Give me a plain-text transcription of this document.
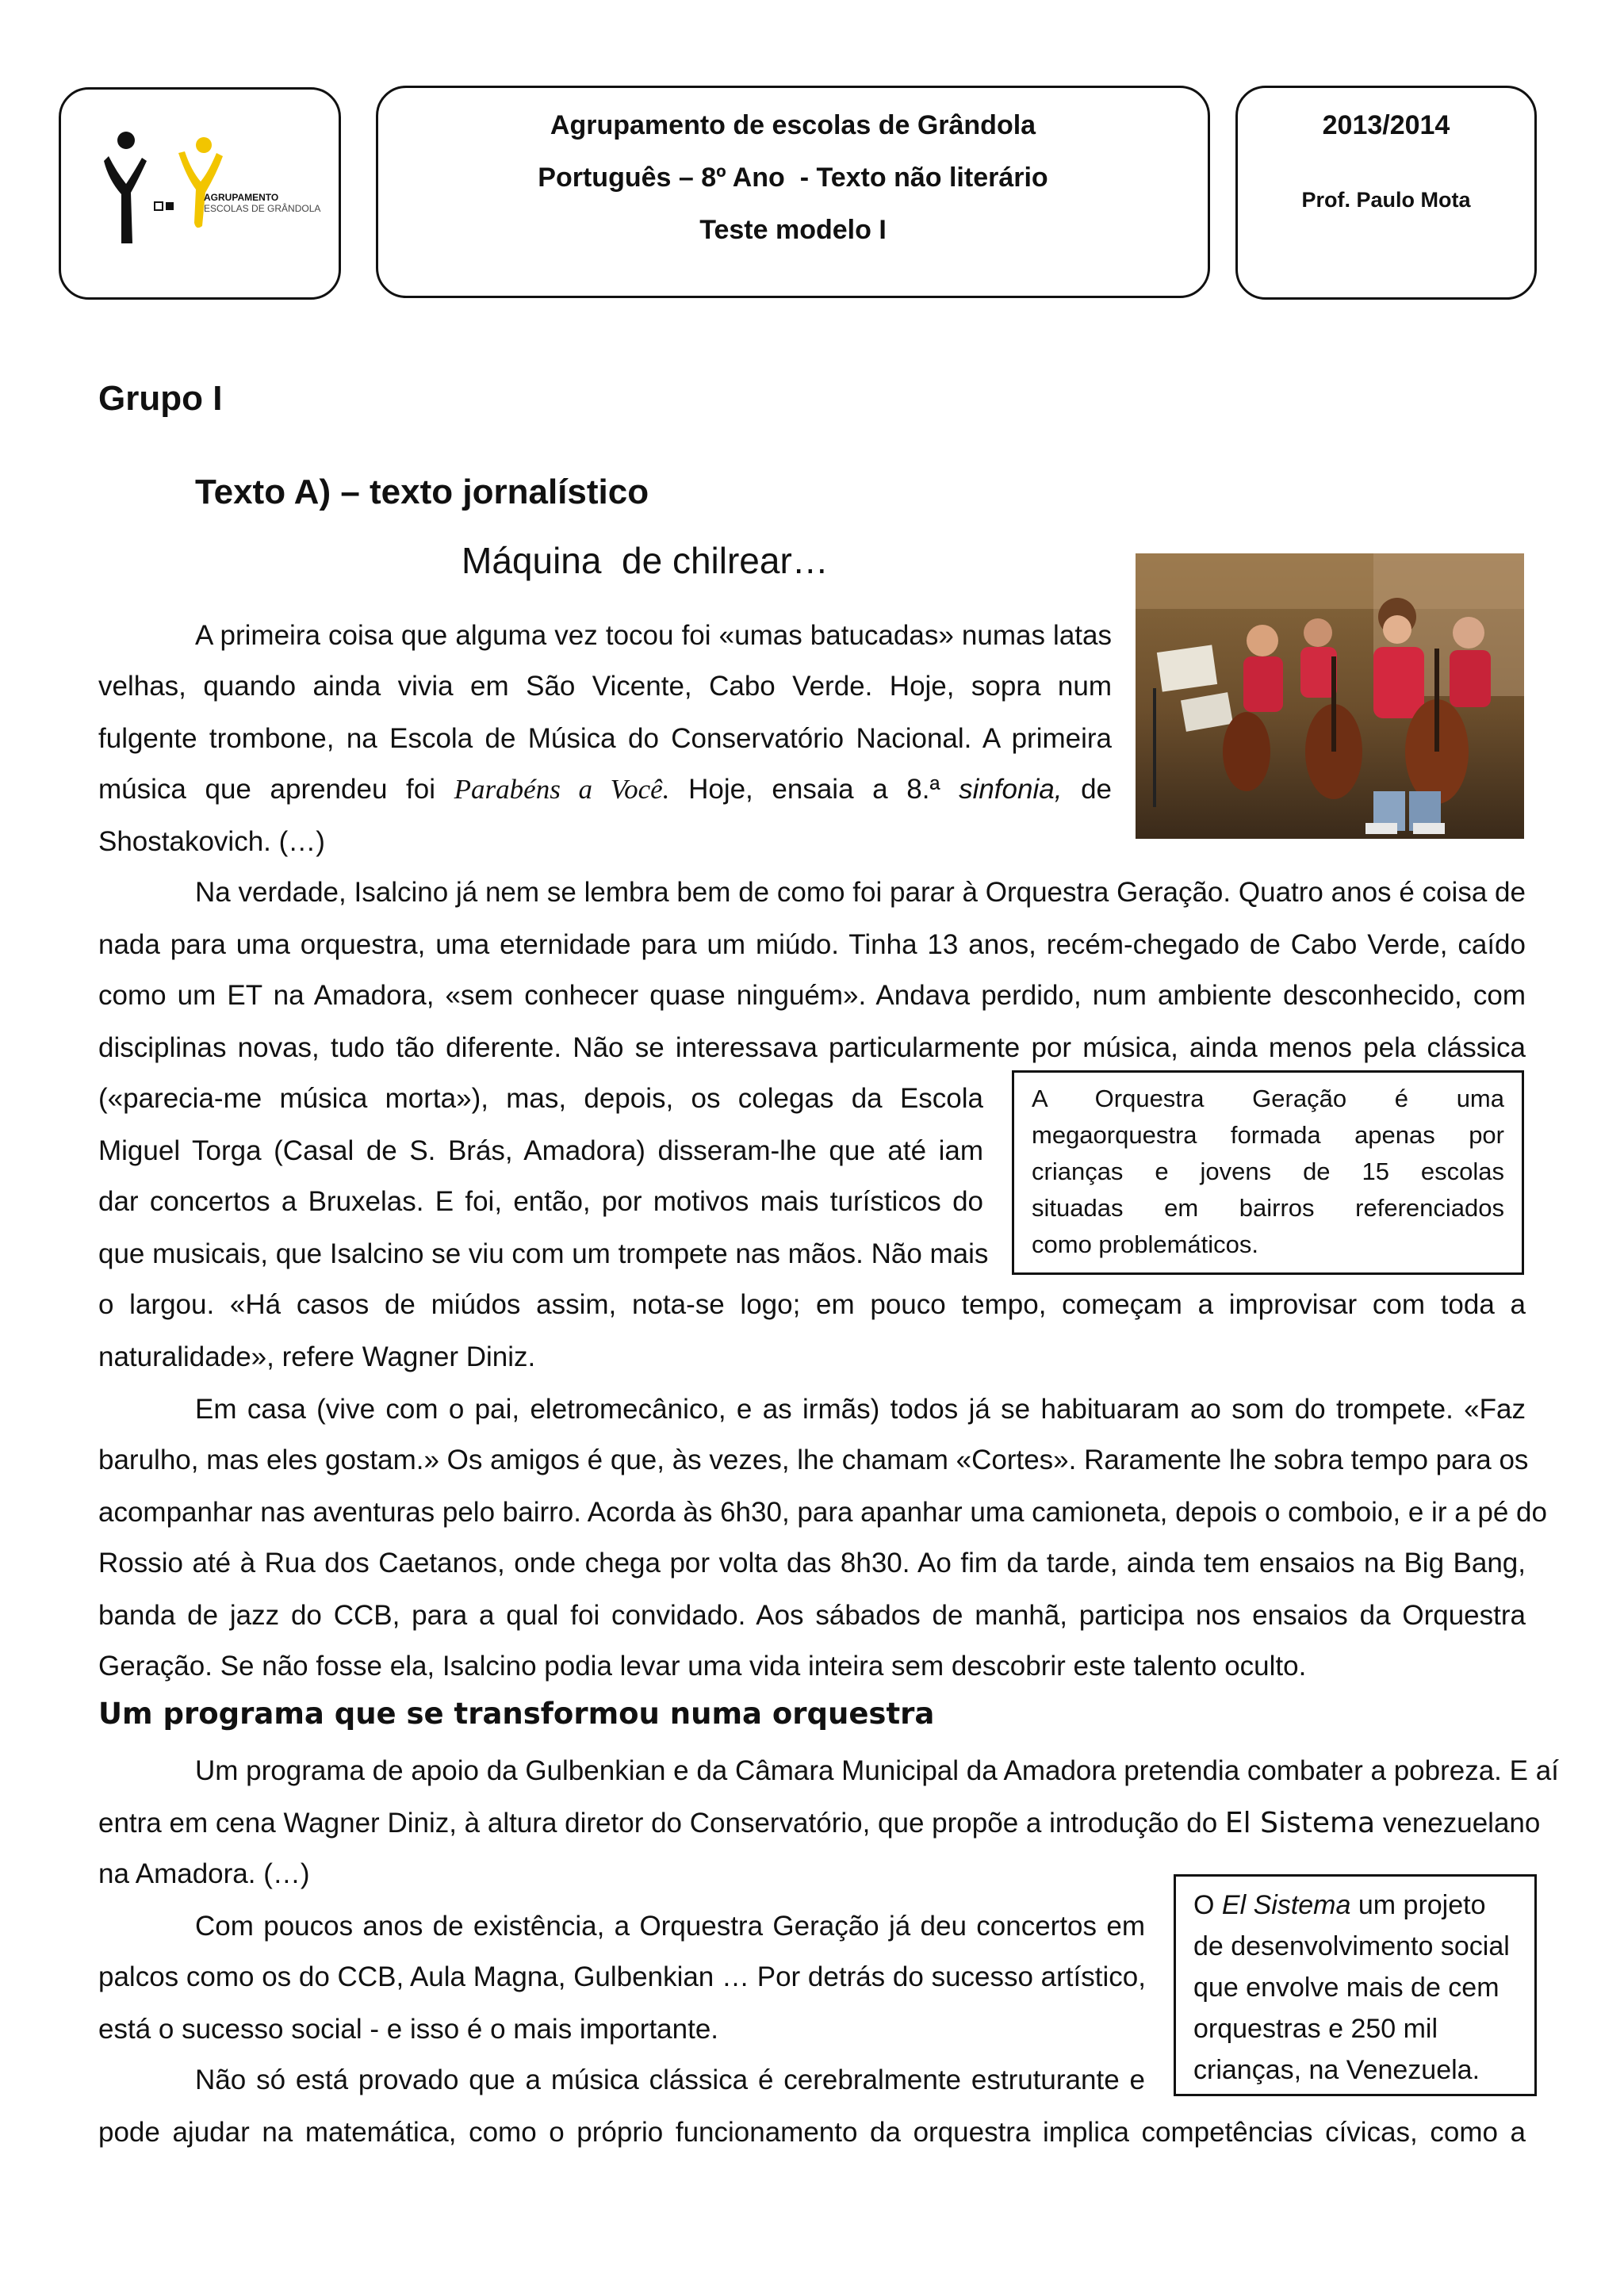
AGRUPAMENTO
ESCOLAS DE GRÂNDOLA
Agrupamento de escolas de Grândola
Português – 8º Ano  - Texto não literário
Teste modelo I
2013/2014
Prof. Paulo Mota
Grupo I
Texto A) – texto jornalístico
Máquina  de chilrear…
A primeira coisa que alguma vez tocou foi «umas batucadas» numas latas
velhas, quando ainda vivia em São Vicente, Cabo Verde. Hoje, sopra num
fulgente trombone, na Escola de Música do Conservatório Nacional. A primeira
música que aprendeu foi Parabéns a Você. Hoje, ensaia a 8.ª sinfonia, de
Shostakovich. (…)
Na verdade, Isalcino já nem se lembra bem de como foi parar à Orquestra Geração. Quatro anos é coisa de
nada para uma orquestra, uma eternidade para um miúdo. Tinha 13 anos, recém-chegado de Cabo Verde, caído
como um ET na Amadora, «sem conhecer quase ninguém». Andava perdido, num ambiente desconhecido, com
disciplinas novas, tudo tão diferente. Não se interessava particularmente por música, ainda menos pela clássica
(«parecia-me música morta»), mas, depois, os colegas da Escola
Miguel Torga (Casal de S. Brás, Amadora) disseram-lhe que até iam
dar concertos a Bruxelas. E foi, então, por motivos mais turísticos do
que musicais, que Isalcino se viu com um trompete nas mãos. Não mais
o largou. «Há casos de miúdos assim, nota-se logo; em pouco tempo, começam a improvisar com toda a
naturalidade», refere Wagner Diniz.
A Orquestra Geração é uma
megaorquestra formada apenas por
crianças e jovens de 15 escolas
situadas em bairros referenciados
como problemáticos.
Em casa (vive com o pai, eletromecânico, e as irmãs) todos já se habituaram ao som do trompete. «Faz
barulho, mas eles gostam.» Os amigos é que, às vezes, lhe chamam «Cortes». Raramente lhe sobra tempo para os
acompanhar nas aventuras pelo bairro. Acorda às 6h30, para apanhar uma camioneta, depois o comboio, e ir a pé do
Rossio até à Rua dos Caetanos, onde chega por volta das 8h30. Ao fim da tarde, ainda tem ensaios na Big Bang,
banda de jazz do CCB, para a qual foi convidado. Aos sábados de manhã, participa nos ensaios da Orquestra
Geração. Se não fosse ela, Isalcino podia levar uma vida inteira sem descobrir este talento oculto.
Um programa que se transformou numa orquestra
Um programa de apoio da Gulbenkian e da Câmara Municipal da Amadora pretendia combater a pobreza. E aí
entra em cena Wagner Diniz, à altura diretor do Conservatório, que propõe a introdução do El Sistema venezuelano
na Amadora. (…)
Com poucos anos de existência, a Orquestra Geração já deu concertos em
palcos como os do CCB, Aula Magna, Gulbenkian … Por detrás do sucesso artístico,
está o sucesso social - e isso é o mais importante.
Não só está provado que a música clássica é cerebralmente estruturante e
pode ajudar na matemática, como o próprio funcionamento da orquestra implica competências cívicas, como a
O El Sistema um projeto
de desenvolvimento social
que envolve mais de cem
orquestras e 250 mil
crianças, na Venezuela.
